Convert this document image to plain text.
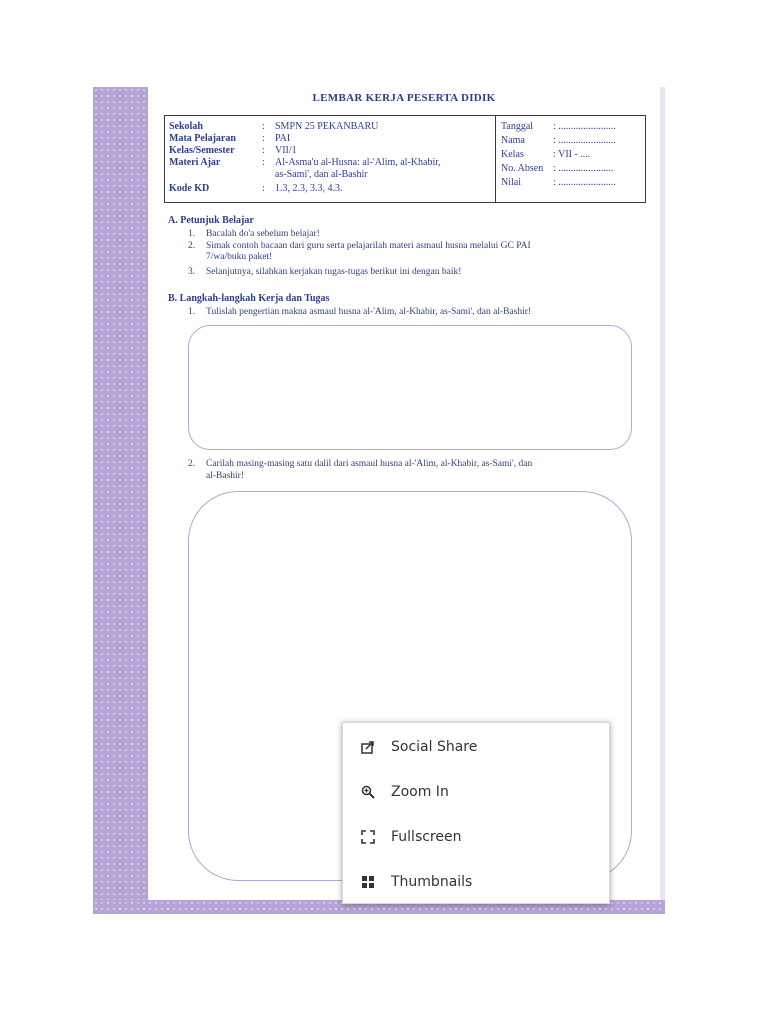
LEMBAR KERJA PESERTA DIDIK
Sekolah	: SMPN 25 PEKANBARU
Mata Pelajaran	: PAI
Kelas/Semester	: VII/1
Materi Ajar	: Al-Asma'u al-Husna: al-'Alim, al-Khabir,
as-Sami', dan al-Bashir
Kode KD	: 1.3, 2.3, 3.3, 4.3.
Tanggal : .......................
Nama	: .......................
Kelas	: VII - ....
No. Absen : ......................
Nilai	: .......................
A. Petunjuk Belajar
1. Bacalah do'a sebelum belajar!
2. Simak contoh bacaan dari guru serta pelajarilah materi asmaul husna melalui GC PAI
7/wa/buku paket!
3. Selanjutnya, silahkan kerjakan tugas-tugas berikut ini dengan baik!
B. Langkah-langkah Kerja dan Tugas
1. Tulislah pengertian makna asmaul husna al-'Alim, al-Khabir, as-Sami', dan al-Bashir!
2. Carilah masing-masing satu dalil dari asmaul husna al-'Alim, al-Khabir, as-Sami', dan
al-Bashir!
Social Share
Zoom In
Fullscreen
Thumbnails
